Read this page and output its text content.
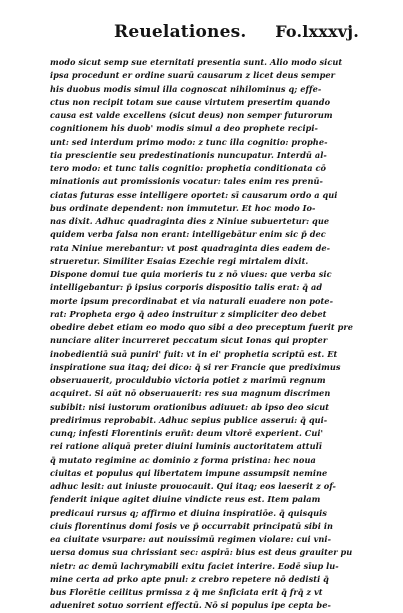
Reuelationes. Fo.lxxxvj.
modo sicut semp sue eternitati presentia sunt. Alio modo sicut
ipsa procedunt er ordine suarū causarum z licet deus semper
his duobus modis simul illa cognoscat nihilominus q; effe-
ctus non recipit totam sue cause virtutem presertim quando
causa est valde excellens (sicut deus) non semper futurorum
cognitionem his duob' modis simul a deo prophete recipi-
unt: sed interdum primo modo: z tunc illa cognitio: prophe-
tia prescientie seu predestinationis nuncupatur. Interdū al-
tero modo: et tunc talis cognitio: prophetia conditionata cō
minationis aut promissionis vocatur: tales enim res prenū-
ciatas futuras esse intelligere oportet: sī causarum ordo a qui
bus ordinate dependent: non immutetur. Et hoc modo Io-
nas dixit. Adhuc quadraginta dies z Niniue subuertetur: que
quidem verba falsa non erant: intelligebātur enim sic p̄ dec
rata Niniue merebantur: vt post quadraginta dies eadem de-
strueretur. Similiter Esaias Ezechie regi mirtalem dixit.
Dispone domui tue quia morieris tu z nō viues: que verba sic
intelligebantur: p̄ ipsius corporis dispositio talis erat: q̄ ad
morte ipsum precordinabat et via naturali euadere non pote-
rat: Propheta ergo q̄ adeo instruitur z simpliciter deo debet
obedire debet etiam eo modo quo sibi a deo preceptum fuerit pre
nunciare aliter incurreret peccatum sicut Ionas qui propter
inobedientiā suā puniri' fuit: vt in ei' prophetia scriptū est. Et
inspiratione sua itaq; dei dico: q̄ si rer Francie que prediximus
obseruauerit, proculdubio victoria potiet z marimū regnum
acquiret. Si aūt nō obseruauerit: res sua magnum discrimen
subibit: nisi iustorum orationibus adiuuet: ab ipso deo sicut
predirimus reprobabit. Adhuc sepius publice asserui: q̄ qui-
cunq; infesti Florentinis eruñt: deum vltorē experient. Cui'
rei ratione aliquā preter diuini luminis auctoritatem attulī
q̄ mutato regimine ac dominio z forma pristina: hec noua
ciuitas et populus qui libertatem impune assumpsit nemine
adhuc lesit: aut iniuste prouocauit. Qui itaq; eos laeserit z of-
fenderit inique agitet diuine vindicte reus est. Item palam
predicaui rursus q; affirmo et diuina inspiratiōe. q̄ quisquis
ciuis florentinus domi fosis ve p̄ occurrabit principatū sibi in
ea ciuitate vsurpare: aut nouissimū regimen violare: cui vni-
uersa domus sua chrissiant sec: aspirā: bius est deus grauiter pu
nietr: ac demū lachrymabili exitu faciet interire. Eodē sīup lu-
mine certa ad prko apte pnul: z crebro repetere nō dedisti q̄
bus Florētie ceilitus prmissa z q̄ me s̄nficiata erit q̄ frq̄ z vt
adueniret sotuo sorrient effectū. Nō si populus ipe cepta be-
